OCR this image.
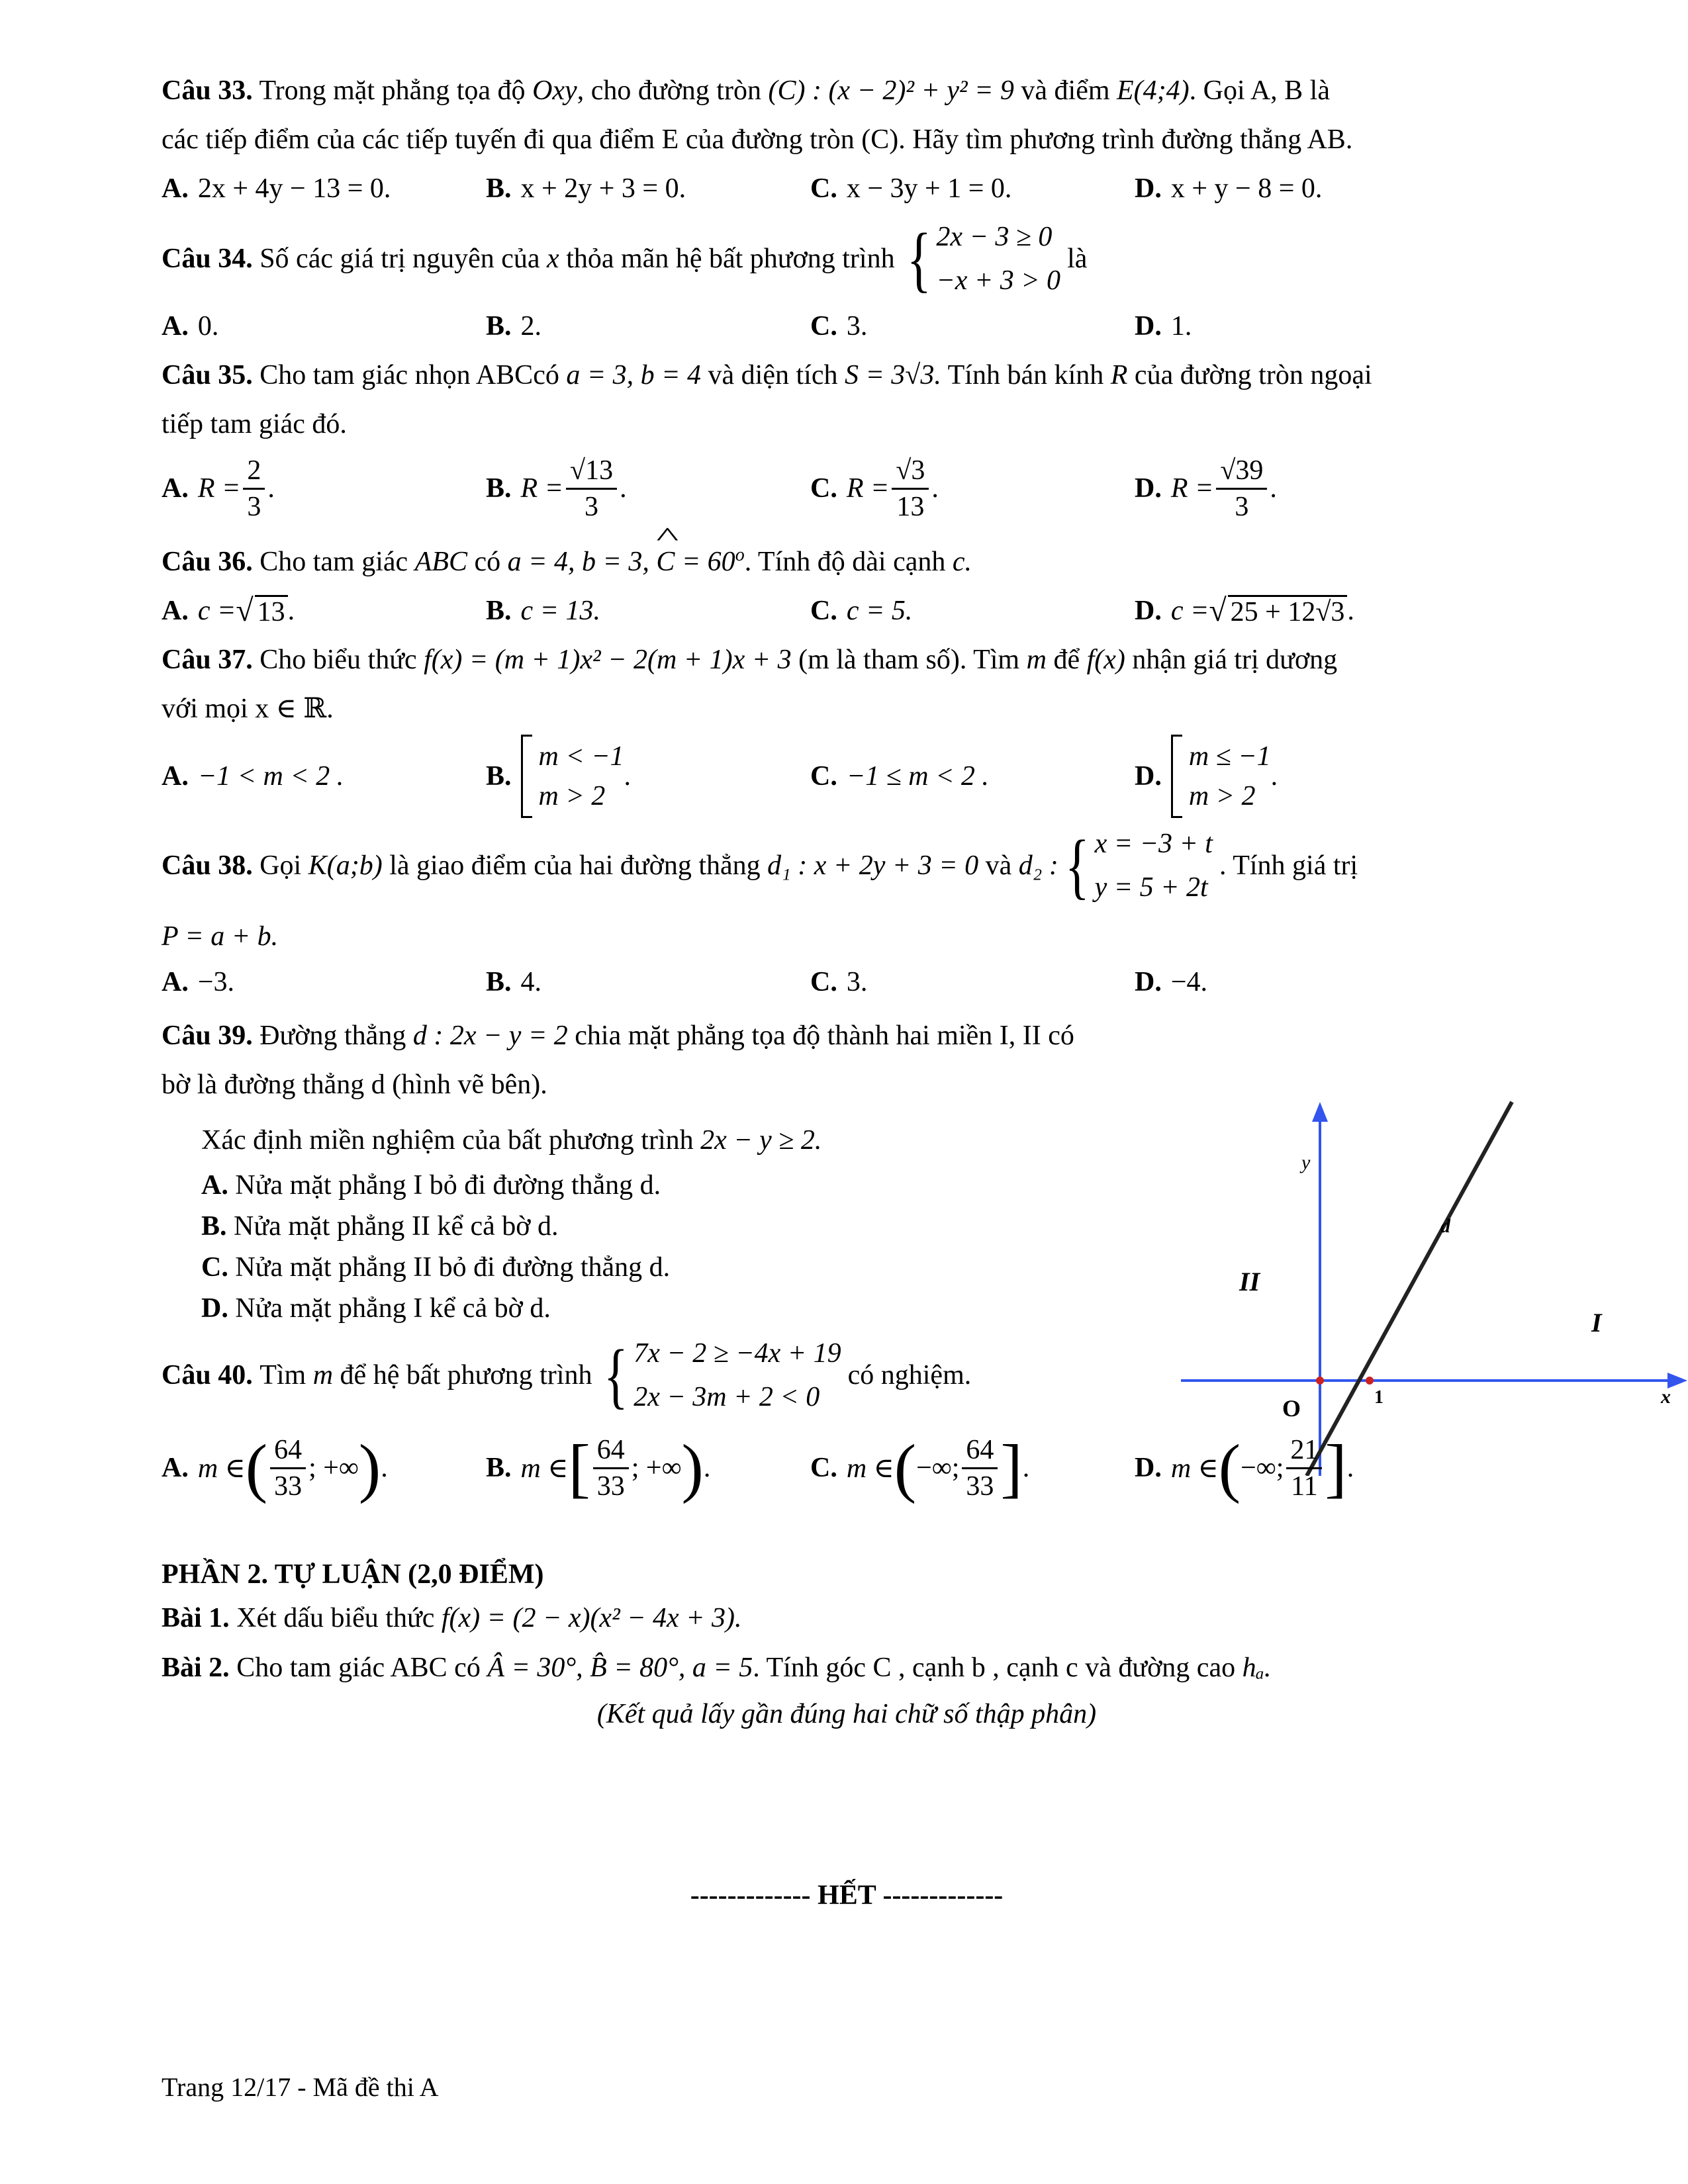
Câu 33. Trong mặt phẳng tọa độ Oxy, cho đường tròn (C) : (x − 2)² + y² = 9 và điểm E(4;4). Gọi A, B là
các tiếp điểm của các tiếp tuyến đi qua điểm E của đường tròn (C). Hãy tìm phương trình đường thẳng AB.
A. 2x + 4y − 13 = 0.	B. x + 2y + 3 = 0.	C. x − 3y + 1 = 0.	D. x + y − 8 = 0.
Câu 34.
Số các giá trị nguyên của
x
thỏa mãn hệ bất phương trình { 2x − 3 ≥ 0
−x + 3 > 0
là
A. 0.	B. 2.	C. 3.	D. 1.
Câu 35. Cho tam giác nhọn ABCcó a = 3, b = 4 và diện tích S = 3√3. Tính bán kính R của đường tròn ngoại
tiếp tam giác đó.
A. $R = \frac{2}{3}$ .	B. $R = \frac{√13}{3}$ .	C. $R = \frac{√3}{13}$ .	D. $R = \frac{√39}{3}$ .
Câu 36. Cho tam giác ABC có a = 4, b = 3, ^ $C = 60^o$. Tính độ dài cạnh c.
A. c = √ 13 .	B. c = 13.	C. c = 5.	D. c = √ 25 + 12√3 .
Câu 37. Cho biểu thức f(x) = (m + 1)x² − 2(m + 1)x + 3 (m là tham số). Tìm m để f(x) nhận giá trị dương
với mọi x ∈ ℝ.
A. −1 < m < 2 .	B.
m < −1
m > 2
.	C. −1 ≤ m < 2 .	D.
m ≤ −1
m > 2
.
Câu 38.
Gọi
K(a;b)
là giao điểm của hai đường thẳng
d₁ : x + 2y + 3 = 0
và
d₂ : { x = −3 + t
y = 5 + 2t
. Tính giá trị
P = a + b.
A. −3.	B. 4.	C. 3.	D. −4.
Câu 39. Đường thẳng d : 2x − y = 2 chia mặt phẳng tọa độ thành hai miền I, II có
bờ là đường thẳng d (hình vẽ bên).
Xác định miền nghiệm của bất phương trình 2x − y ≥ 2.
A. Nửa mặt phẳng I bỏ đi đường thẳng d.
B. Nửa mặt phẳng II kể cả bờ d.
C. Nửa mặt phẳng II bỏ đi đường thẳng d.
D. Nửa mặt phẳng I kể cả bờ d.
y
x
O	1
d
I
II
Câu 40.
Tìm
m
để hệ bất phương trình { 7x − 2 ≥ −4x + 19
2x − 3m + 2 < 0
có nghiệm.
A. m ∈ ( $\frac{64}{33}$ ; +∞ ) .	B. m ∈ [ $\frac{64}{33}$ ; +∞ ) .	C. m ∈ ( −∞; $\frac{64}{33}$ ] .	D. m ∈ ( −∞; $\frac{21}{11}$ ] .
PHẦN 2. TỰ LUẬN (2,0 ĐIỂM)
Bài 1. Xét dấu biểu thức f(x) = (2 − x)(x² − 4x + 3).
Bài 2. Cho tam giác ABC có Â = 30°, B̂ = 80°, a = 5. Tính góc C , cạnh b , cạnh c và đường cao hₐ.
(Kết quả lấy gần đúng hai chữ số thập phân)
------------- HẾT -------------
Trang 12/17 - Mã đề thi A
